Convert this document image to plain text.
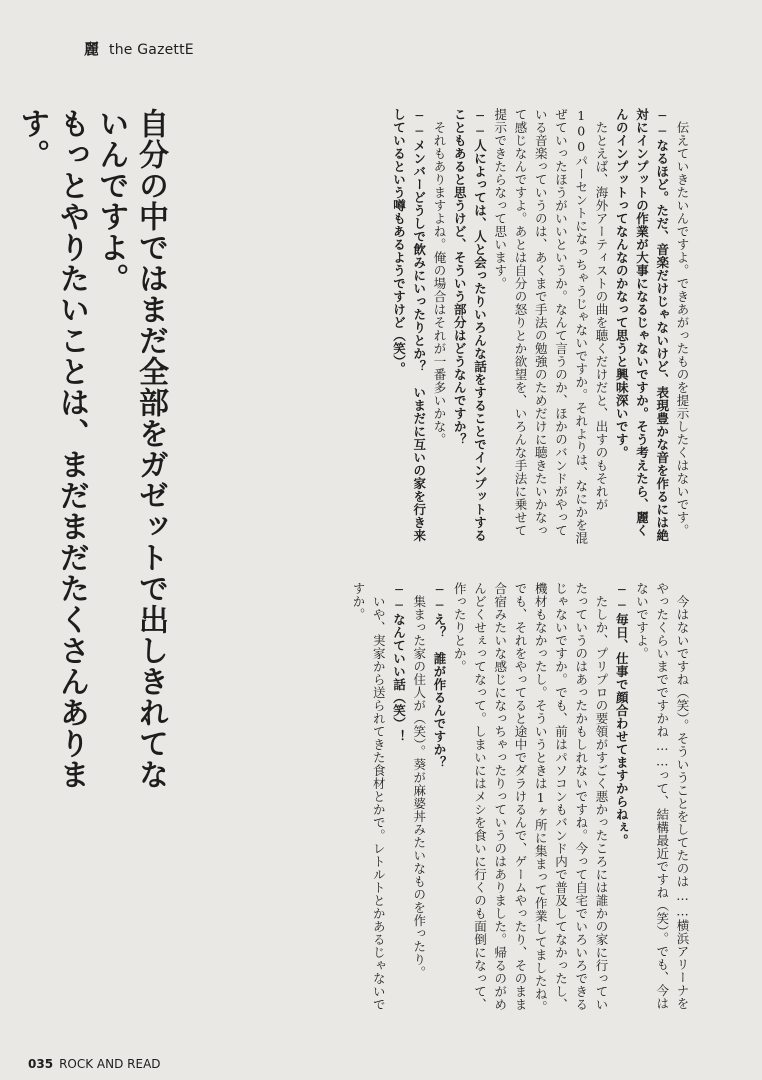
麗 the GazettE

伝えていきたいんですよ。できあがったものを提示したくはないです。

──なるほど。ただ、音楽だけじゃないけど、表現豊かな音を作るには絶対にインプットの作業が大事になるじゃないですか。そう考えたら、麗くんのインプットってなんなのかなって思うと興味深いです。

たとえば、海外アーティストの曲を聴くだけだと、出すのもそれが100パーセントになっちゃうじゃないですか。それよりは、なにかを混ぜていったほうがいいというか。なんて言うのか、ほかのバンドがやっている音楽っていうのは、あくまで手法の勉強のためだけに聴きたいかなって感じなんですよ。あとは自分の怒りとか欲望を、いろんな手法に乗せて提示できたらなって思います。

──人によっては、人と会ったりいろんな話をすることでインプットすることもあると思うけど、そういう部分はどうなんですか？

それもありますよね。俺の場合はそれが一番多いかな。

──メンバーどうしで飲みにいったりとか？　いまだに互いの家を行き来しているという噂もあるようですけど（笑）。

今はないですね（笑）。そういうことをしてたのは……横浜アリーナをやったくらいまでですかね……って、結構最近ですね（笑）。でも、今はないですよ。

──毎日、仕事で顔合わせてますからねぇ。

たしか、プリプロの要領がすごく悪かったころには誰かの家に行っていたっていうのはあったかもしれないですね。今って自宅でいろいろできるじゃないですか。でも、前はパソコンもバンド内で普及してなかったし、機材もなかったし。そういうときは1ヶ所に集まって作業してましたね。でも、それをやってると途中でダラけるんで、ゲームやったり、そのまま合宿みたいな感じになっちゃったりっていうのはありました。帰るのがめんどくせぇってなって。しまいにはメシを食いに行くのも面倒になって、作ったりとか。

──え？　誰が作るんですか？

集まった家の住人が（笑）。葵が麻婆丼みたいなものを作ったり。

──なんていい話（笑）！

いや、実家から送られてきた食材とかで。レトルトとかあるじゃないですか。

自分の中ではまだ全部をガゼットで出しきれてないんですよ。

もっとやりたいことは、まだまだたくさんあります。

035 ROCK AND READ
